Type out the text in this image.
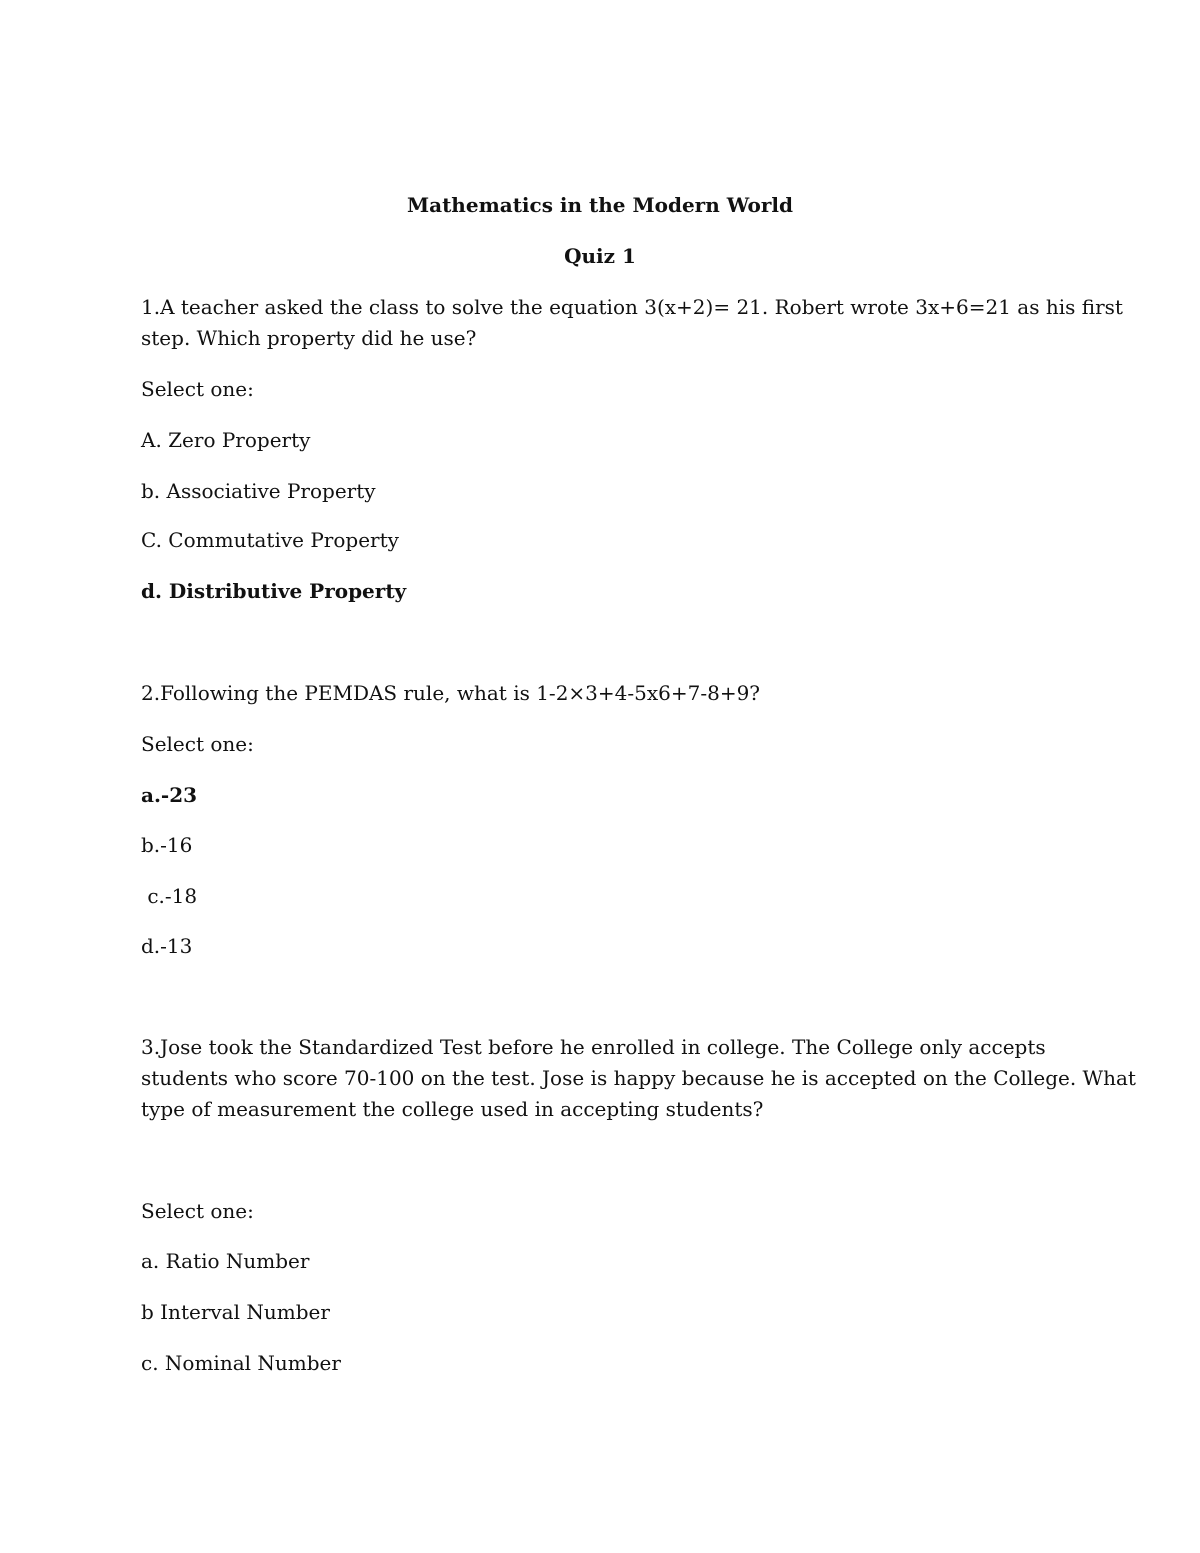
Mathematics in the Modern World
Quiz 1
1.A teacher asked the class to solve the equation 3(x+2)= 21. Robert wrote 3x+6=21 as his first
step. Which property did he use?
Select one:
A. Zero Property
b. Associative Property
C. Commutative Property
d. Distributive Property
2.Following the PEMDAS rule, what is 1-2×3+4-5x6+7-8+9?
Select one:
a.-23
b.-16
c.-18
d.-13
3.Jose took the Standardized Test before he enrolled in college. The College only accepts
students who score 70-100 on the test. Jose is happy because he is accepted on the College. What
type of measurement the college used in accepting students?
Select one:
a. Ratio Number
b Interval Number
c. Nominal Number
